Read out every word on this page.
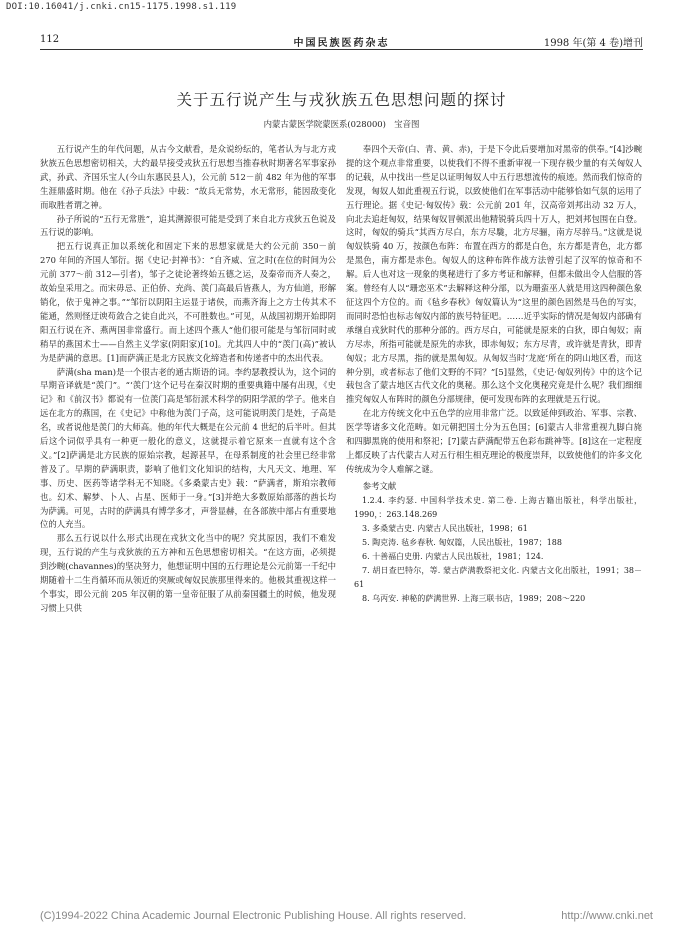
DOI:10.16041/j.cnki.cn15-1175.1998.s1.119
112	中国民族医药杂志	1998 年(第 4 卷)增刊
关于五行说产生与戎狄族五色思想问题的探讨
内蒙古蒙医学院蒙医系(028000)　宝音图

五行说产生的年代问题，从古今文献看，是众说纷纭的，笔者认为与北方戎狄族五色思想密切相关，大约最早接受戎狄五行思想当推春秋时期著名军事家孙武，孙武、齐国乐宝人(今山东惠民县人)，公元前 512－前 482 年为他的军事生涯鼎盛时期。他在《孙子兵法》中载：“故兵无常势，水无常形，能因敌变化而取胜者谓之神。

孙子所说的“五行无常胜”，追其溯源很可能是受到了来自北方戎狄五色说及五行说的影响。

把五行说真正加以系统化和固定下来的思想家就是大约公元前 350－前 270 年间的齐国人邹衍。据《史记·封禅书》：“自齐威、宣之时(在位的时间为公元前 377～前 312—引者)，邹子之徒论著终始五德之运，及秦帝而齐人奏之，故始皇采用之。而宋毋忌、正伯侨、充尚、羡门高最后皆燕人，为方仙道，形解销化，依于鬼神之事。”“邹衍以阴阳主运显于诸侯，而燕齐海上之方士传其术不能通，然则怪迂谀苟敛合之徒自此兴，不可胜数也。”可见，从战国初期开始即阴阳五行说在齐、燕两国非常盛行。而上述四个燕人“他们很可能是与邹衍同时或稍早的燕国术士——自然主义学家(阴阳家)[10]。尤其四人中的“羡门(高)”被认为是萨满的意思。[1]而萨满正是北方民族文化缔造者和传递者中的杰出代表。

萨满(sha man)是一个很古老的通古斯语的词。李约瑟教授认为，这个词的早期音译就是“羡门”。“‘羡门’这个记号在秦汉时期的重要典籍中屡有出现，《史记》和《前汉书》都说有一位羡门高是邹衍派术科学的阴阳学派的学子。他来自远在北方的燕国，在《史记》中称他为羡门子高，这可能说明羡门是姓，子高是名，或者说他是羡门的大师高。他的年代大概是在公元前 4 世纪的后半叶。但其后这个词似乎具有一种更一般化的意义，这就提示着它原来一直就有这个含义。”[2]萨满是北方民族的原始宗教，起源甚早，在母系制度的社会里已经非常普及了。早期的萨满职责，影响了他们文化知识的结构，大凡天文、地理、军事、历史、医药等诸学科无不知晓。《多桑蒙古史》载：“萨满者，斯珀宗教师也。幻术、解梦、卜人、占星、医师于一身。”[3]并绝大多数原始部落的酋长均为萨满。可见，古时的萨满具有博学多才，声誉显赫，在各部族中部占有重要地位的人充当。

那么五行说以什么形式出现在戎狄文化当中的呢？究其原因，我们不难发现，五行说的产生与戎狄族的五方神和五色思想密切相关。“在这方面，必须提到沙畹(chavannes)的坚决努力，他想证明中国的五行理论是公元前第一千纪中期随着十二生肖循环而从领近的突厥或匈奴民族那里得来的。他极其重视这样一个事实，即公元前 205 年汉朝的第一皇帝征服了从前秦国疆土的时候，他发现习惯上只供

奉四个天帝(白、青、黄、赤)，于是下令此后要增加对黑帝的供奉。”[4]沙畹提的这个观点非常重要，以使我们不得不重新审视一下现存极少量的有关匈奴人的记载，从中找出一些足以证明匈奴人中五行思想流传的痕迹。然而我们惊奇的发现，匈奴人如此重视五行说，以致使他们在军事活动中能够恰如气氛的运用了五行理论。据《史记·匈奴传》载：公元前 201 年，汉高帝刘邦出动 32 万人，向北去追赶匈奴，结果匈奴冒顿派出他精锐骑兵四十万人，把刘邦包围在白登。这时，匈奴的骑兵“其西方尽白，东方尽駹，北方尽骊，南方尽骍马。”这就是说匈奴铁骑 40 万，按颜色布阵：布置在西方的都是白色，东方都是青色，北方都是黑色，南方都是赤色。匈奴人的这种布阵作战方法曾引起了汉军的惊奇和不解。后人也对这一现象的奥秘进行了多方考证和解释，但都未做出令人信服的答案。曾经有人以“珊恋巫术”去解释这种分部，以为珊蛮巫人就是用这四种颜色象征这四个方位的。而《毡乡春秋》匈奴篇认为“这里的颜色固然是马色的写实，而同时恐怕也标志匈奴内部的族号特征吧。……近乎实际的情况是匈奴内部确有承继自戎狄时代的那种分部的。西方尽白，可能就是原来的白狄，即白匈奴；南方尽赤，所指可能就是原先的赤狄，即赤匈奴；东方尽青，或许就是青狄，即青匈奴；北方尽黑，指的就是黑匈奴。从匈奴当时‘龙庭’所在的阴山地区看，而这种分别，或者标志了他们文野的不同？”[5]显然，《史记·匈奴列传》中的这个记载包含了蒙古地区古代文化的奥秘。那么这个文化奥秘究竟是什么呢？我们细细推究匈奴人布阵时的颜色分部规律，便可发现布阵的玄理就是五行说。

在北方传统文化中五色学的应用非常广泛。以致延伸到政治、军事、宗教、医学等诸多文化范畴。如元朝把国土分为五色国；[6]蒙古人非常重视九脚白旄和四脚黑旄的使用和祭祀；[7]蒙古萨满配带五色彩布跳神等。[8]这在一定程度上都反映了古代蒙古人对五行相生相克理论的极度崇拜，以致使他们的许多文化传统成为令人难解之谜。

参考文献
1.2.4. 李约瑟. 中国科学技术史. 第二卷. 上海古籍出版社，科学出版社，1990，：263.148.269
3. 多桑蒙古史. 内蒙古人民出版社，1998；61
5. 陶克涛. 毡乡春秋. 匈奴篇，人民出版社，1987；188
6. 十善福白史册. 内蒙古人民出版社，1981；124.
7. 胡日查巴特尔，等. 蒙古萨满教祭祀文化. 内蒙古文化出版社，1991；38－61
8. 乌丙安. 神秘的萨满世界. 上海三联书店，1989；208～220
(C)1994-2022 China Academic Journal Electronic Publishing House. All rights reserved.	http://www.cnki.net
